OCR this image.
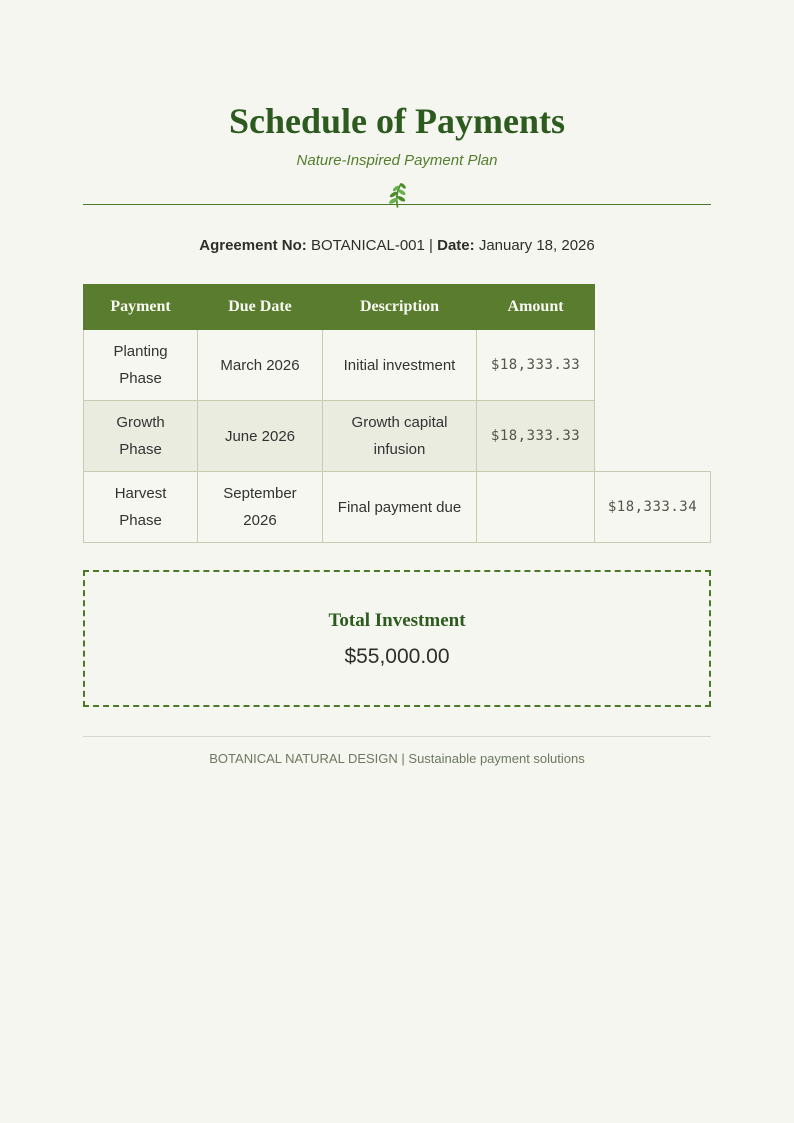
Schedule of Payments
Nature-Inspired Payment Plan
Agreement No: BOTANICAL-001 | Date: January 18, 2026
Payment	Due Date	Description	Amount	
Planting Phase	March 2026	Initial investment	$18,333.33	
Growth Phase	June 2026	Growth capital infusion	$18,333.33	
Harvest Phase	September 2026	Final payment due		$18,333.34
Total Investment
$55,000.00
BOTANICAL NATURAL DESIGN | Sustainable payment solutions
